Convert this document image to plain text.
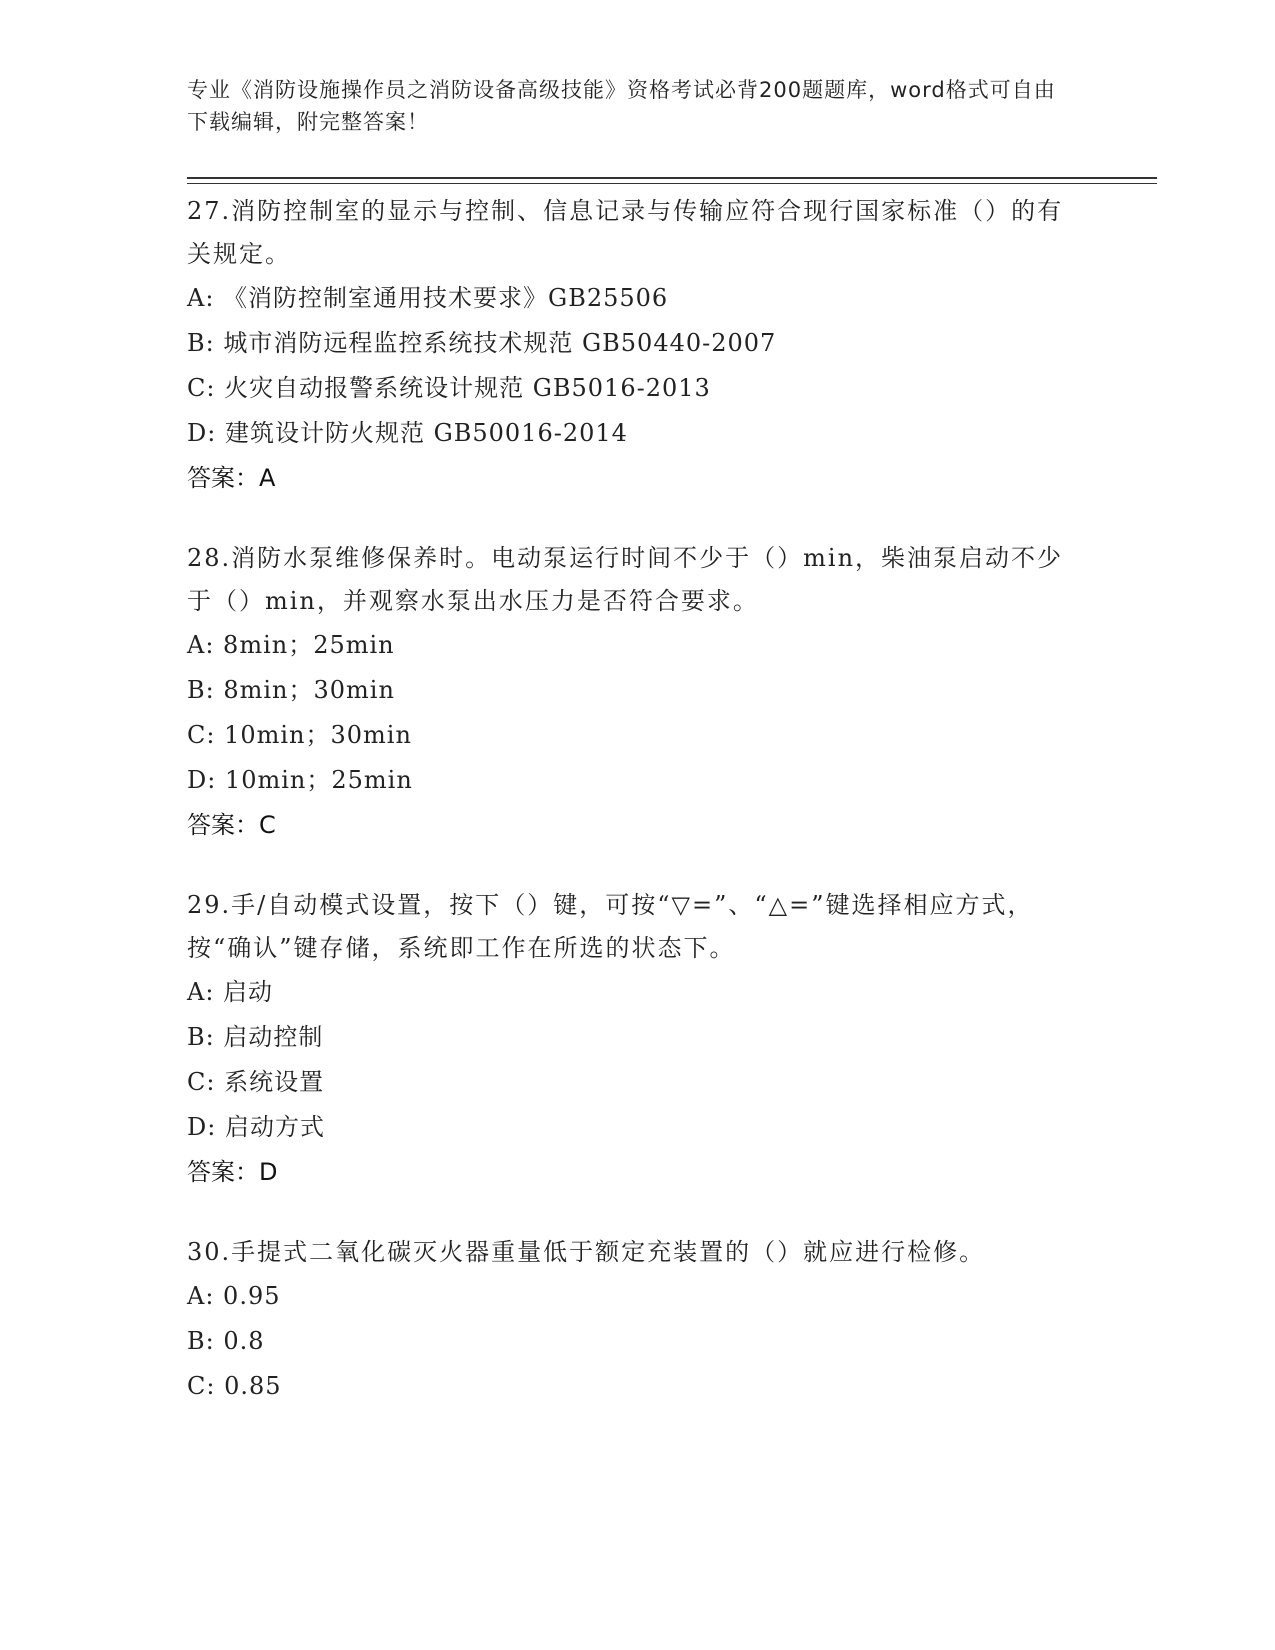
专业《消防设施操作员之消防设备高级技能》资格考试必背200题题库，word格式可自由下载编辑，附完整答案！
27.消防控制室的显示与控制、信息记录与传输应符合现行国家标准（）的有关规定。
A: 《消防控制室通用技术要求》GB25506
B: 城市消防远程监控系统技术规范 GB50440-2007
C: 火灾自动报警系统设计规范 GB5016-2013
D: 建筑设计防火规范 GB50016-2014
答案：A
28.消防水泵维修保养时。电动泵运行时间不少于（）min，柴油泵启动不少于（）min，并观察水泵出水压力是否符合要求。
A: 8min；25min
B: 8min；30min
C: 10min；30min
D: 10min；25min
答案：C
29.手/自动模式设置，按下（）键，可按“▽=”、“△=”键选择相应方式，按“确认”键存储，系统即工作在所选的状态下。
A: 启动
B: 启动控制
C: 系统设置
D: 启动方式
答案：D
30.手提式二氧化碳灭火器重量低于额定充装置的（）就应进行检修。
A: 0.95
B: 0.8
C: 0.85
